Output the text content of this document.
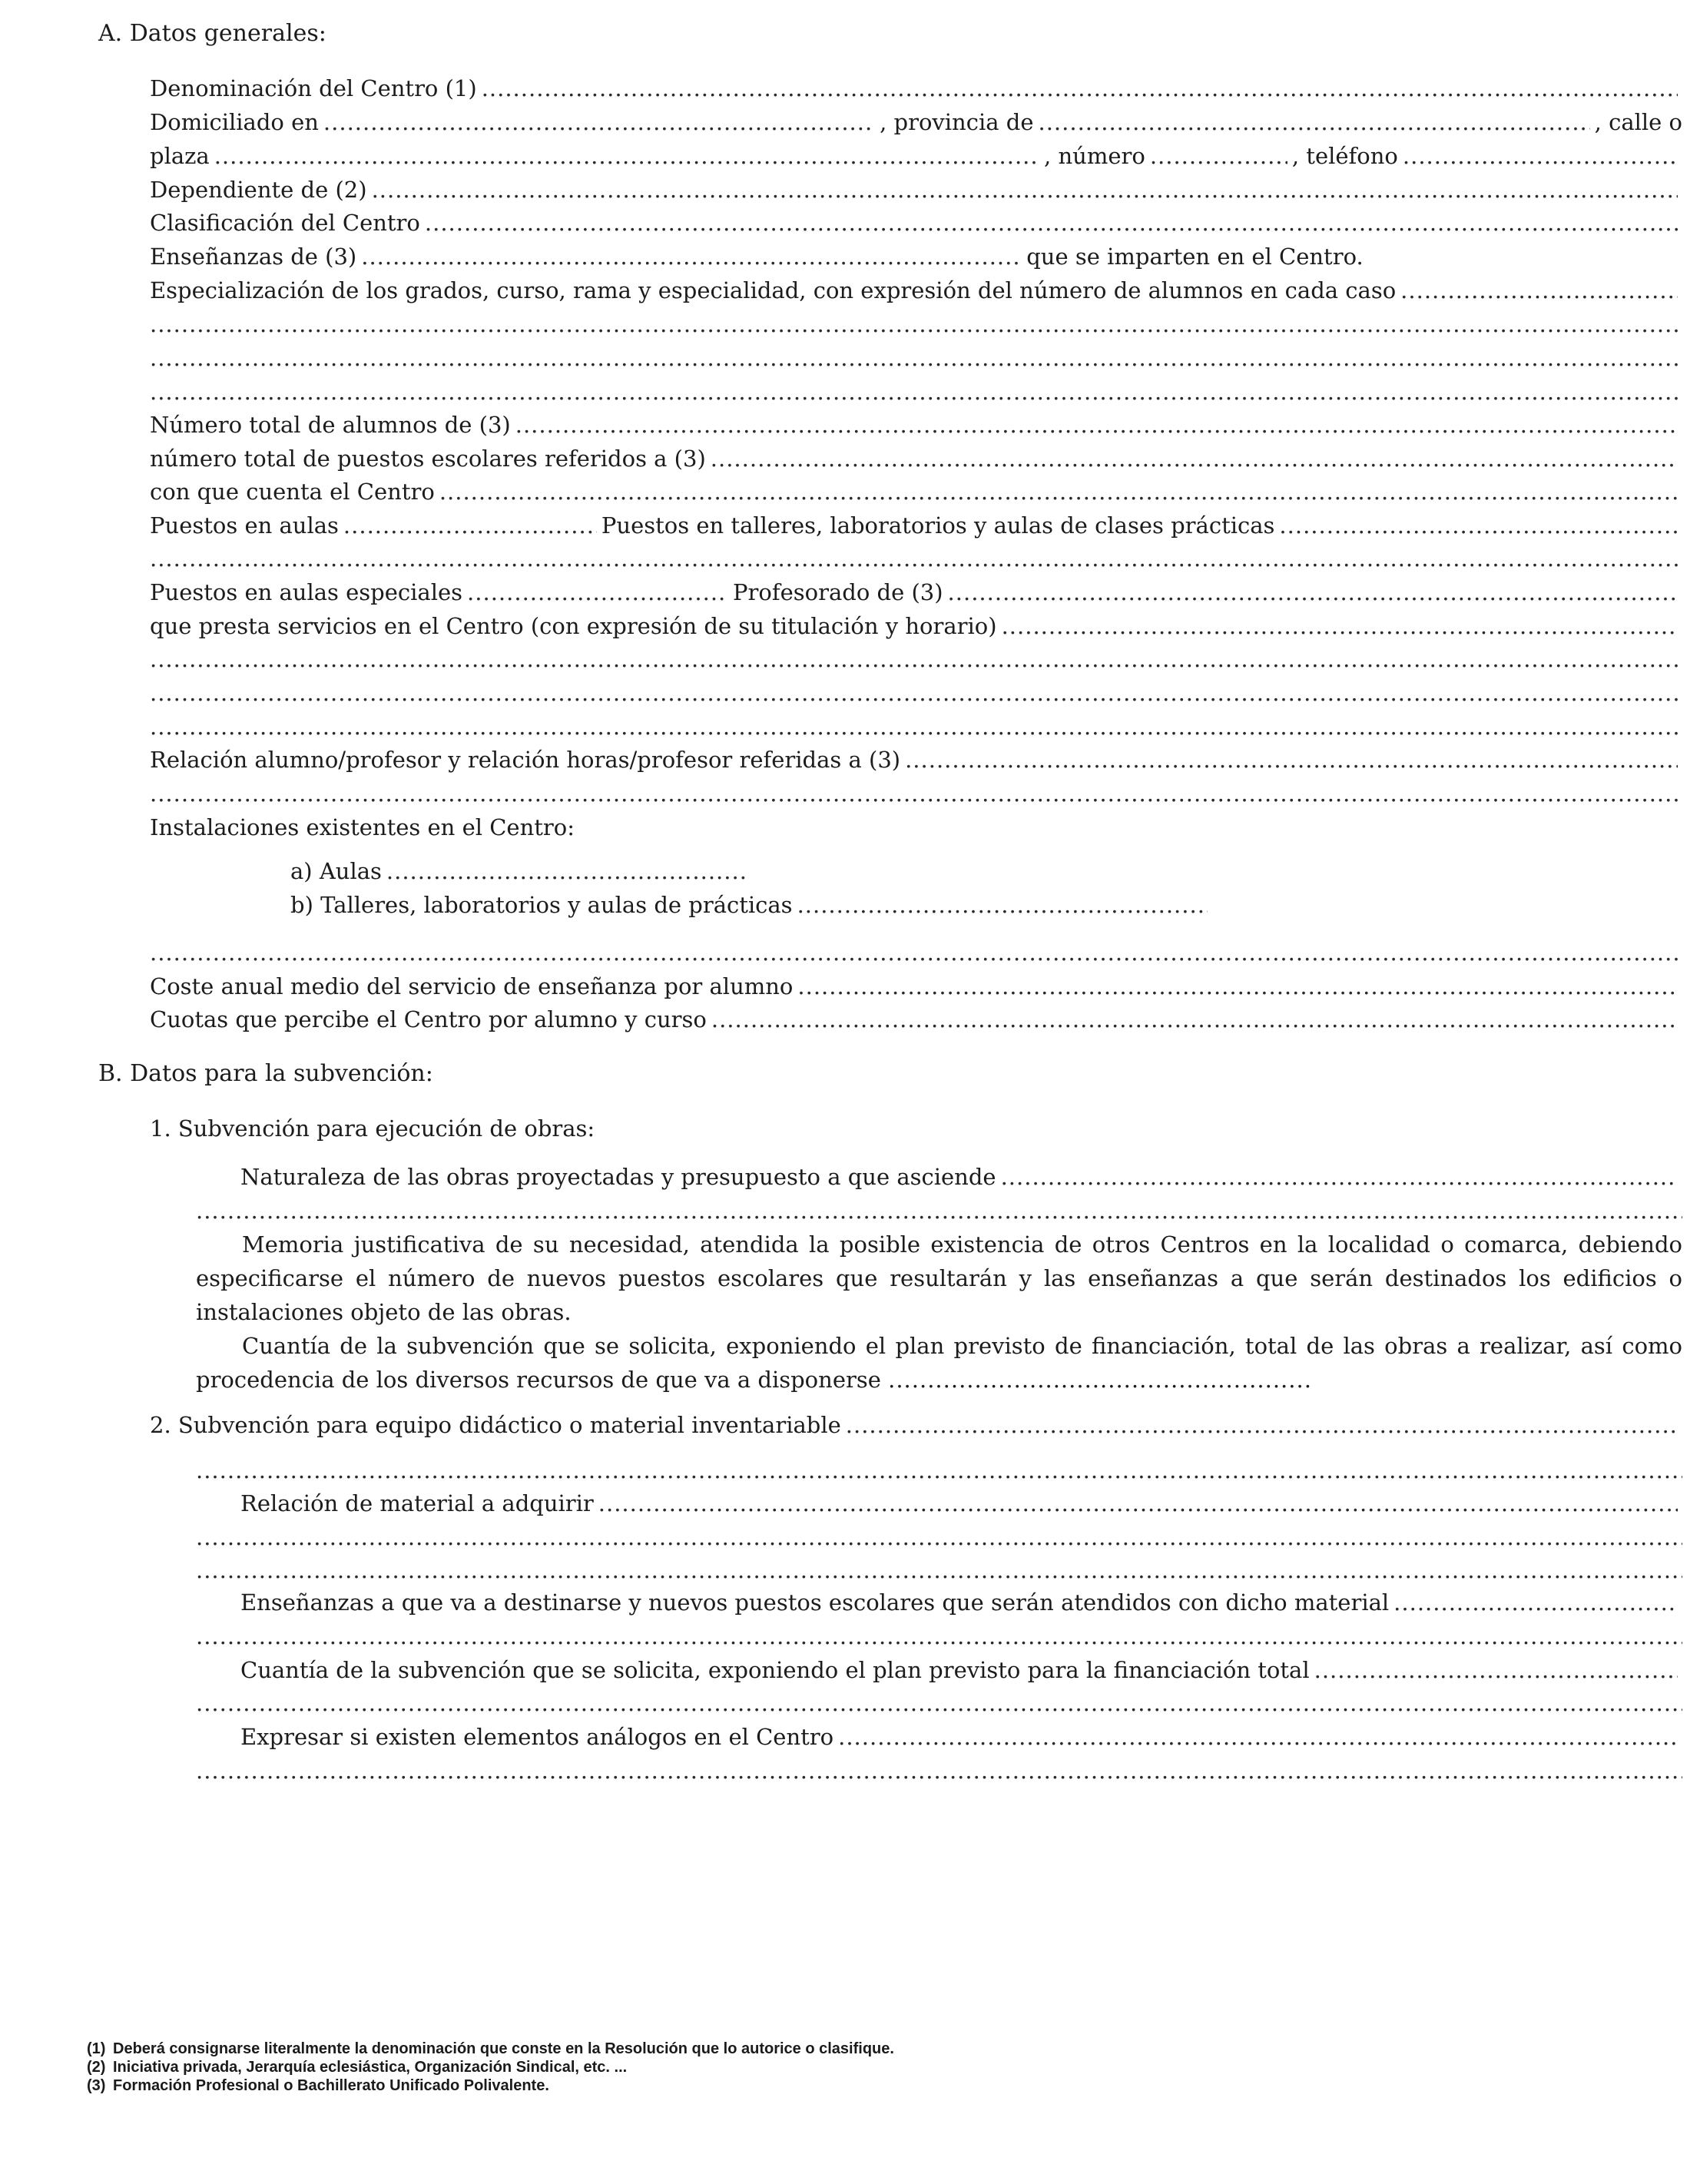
A. Datos generales:
Denominación del Centro (1)
.....
Domiciliado en .....	, provincia de .....	, calle o
plaza .....	, número .....	, teléfono
.....
Dependiente de (2)
.....
Clasificación del Centro
.....
Enseñanzas de (3) .....	que se imparten en el Centro.
Especialización de los grados, curso, rama y especialidad, con expresión del número de alumnos en cada caso
.....
.....
.....
.....
Número total de alumnos de (3)
.....
número total de puestos escolares referidos a (3)
.....
con que cuenta el Centro
.....
Puestos en aulas .....	Puestos en talleres, laboratorios y aulas de clases prácticas
.....
.....
Puestos en aulas especiales .....	Profesorado de (3)
.....
que presta servicios en el Centro (con expresión de su titulación y horario)
.....
.....
.....
.....
Relación alumno/profesor y relación horas/profesor referidas a (3)
.....
.....
Instalaciones existentes en el Centro:
a) Aulas
.....
b) Talleres, laboratorios y aulas de prácticas
.....
.....
Coste anual medio del servicio de enseñanza por alumno
.....
Cuotas que percibe el Centro por alumno y curso
.....
B. Datos para la subvención:
1. Subvención para ejecución de obras:
Naturaleza de las obras proyectadas y presupuesto a que asciende
.....
.....

Memoria justificativa de su necesidad, atendida la posible existencia de otros Centros en la localidad o comarca, debiendo especificarse el número de nuevos puestos escolares que resultarán y las enseñanzas a que serán destinados los edificios o instalaciones objeto de las obras.

Cuantía de la subvención que se solicita, exponiendo el plan previsto de financiación, total de las obras a realizar, así como procedencia de los diversos recursos de que va a disponerse ......................................................

2. Subvención para equipo didáctico o material inventariable
.....
.....
Relación de material a adquirir
.....
.....
.....
Enseñanzas a que va a destinarse y nuevos puestos escolares que serán atendidos con dicho material
.....
.....
Cuantía de la subvención que se solicita, exponiendo el plan previsto para la financiación total
.....
.....
Expresar si existen elementos análogos en el Centro
.....
.....
(1) Deberá consignarse literalmente la denominación que conste en la Resolución que lo autorice o clasifique.
(2) Iniciativa privada, Jerarquía eclesiástica, Organización Sindical, etc. ...
(3) Formación Profesional o Bachillerato Unificado Polivalente.
